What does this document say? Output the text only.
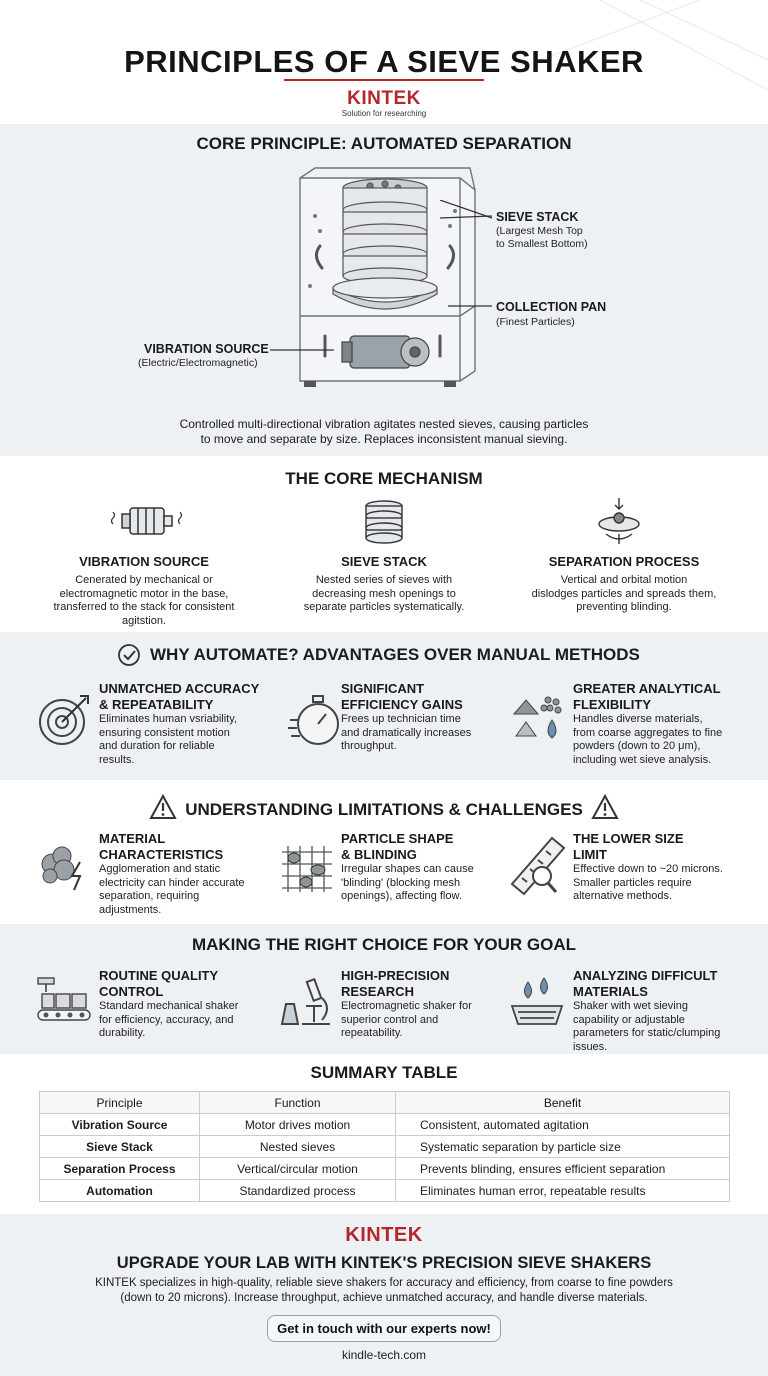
PRINCIPLES OF A SIEVE SHAKER
KINTEK
Solution for researching
CORE PRINCIPLE: AUTOMATED SEPARATION
SIEVE STACK
(Largest Mesh Top
to Smallest Bottom)
COLLECTION PAN
(Finest Particles)
VIBRATION SOURCE
(Electric/Electromagnetic)
Controlled multi-directional vibration agitates nested sieves, causing particles
to move and separate by size. Replaces inconsistent manual sieving.
THE CORE MECHANISM
VIBRATION SOURCE
Cenerated by mechanical or
electromagnetic motor in the base,
transferred to the stack for consistent
agitstion.
SIEVE STACK
Nested series of sieves with
decreasing mesh openings to
separate particles systematically.
SEPARATION PROCESS
Vertical and orbital motion
dislodges particles and spreads them,
preventing blinding.
WHY AUTOMATE? ADVANTAGES OVER MANUAL METHODS
UNMATCHED ACCURACY
& REPEATABILITY
Eliminates human vsriability,
ensuring consistent motion
and duration for reliable
results.
SIGNIFICANT
EFFICIENCY GAINS
Frees up technician time
and dramatically increases
throughput.
GREATER ANALYTICAL
FLEXIBILITY
Handles diverse materials,
from coarse aggregates to fine
powders (down to 20 μm),
including wet sieve analysis.
UNDERSTANDING LIMITATIONS & CHALLENGES
MATERIAL
CHARACTERISTICS
Agglomeration and static
electricity can hinder accurate
separation, requiring
adjustments.
PARTICLE SHAPE
& BLINDING
Irregular shapes can cause
'blinding' (blocking mesh
openings), affecting flow.
THE LOWER SIZE
LIMIT
Effective down to ~20 microns.
Smaller particles require
alternative methods.
MAKING THE RIGHT CHOICE FOR YOUR GOAL
ROUTINE QUALITY
CONTROL
Standard mechanical shaker
for efficiency, accuracy, and
durability.
HIGH-PRECISION
RESEARCH
Electromagnetic shaker for
superior control and
repeatability.
ANALYZING DIFFICULT
MATERIALS
Shaker with wet sieving
capability or adjustable
parameters for static/clumping
issues.
SUMMARY TABLE
Principle	Function	Benefit
Vibration Source	Motor drives motion	Consistent, automated agitation
Sieve Stack	Nested sieves	Systematic separation by particle size
Separation Process	Vertical/circular motion	Prevents blinding, ensures efficient separation
Automation	Standardized process	Eliminates human error, repeatable results
KINTEK
UPGRADE YOUR LAB WITH KINTEK'S PRECISION SIEVE SHAKERS
KINTEK specializes in high-quality, reliable sieve shakers for accuracy and efficiency, from coarse to fine powders
(down to 20 microns). Increase throughput, achieve unmatched accuracy, and handle diverse materials.
Get in touch with our experts now!
kindle-tech.com
